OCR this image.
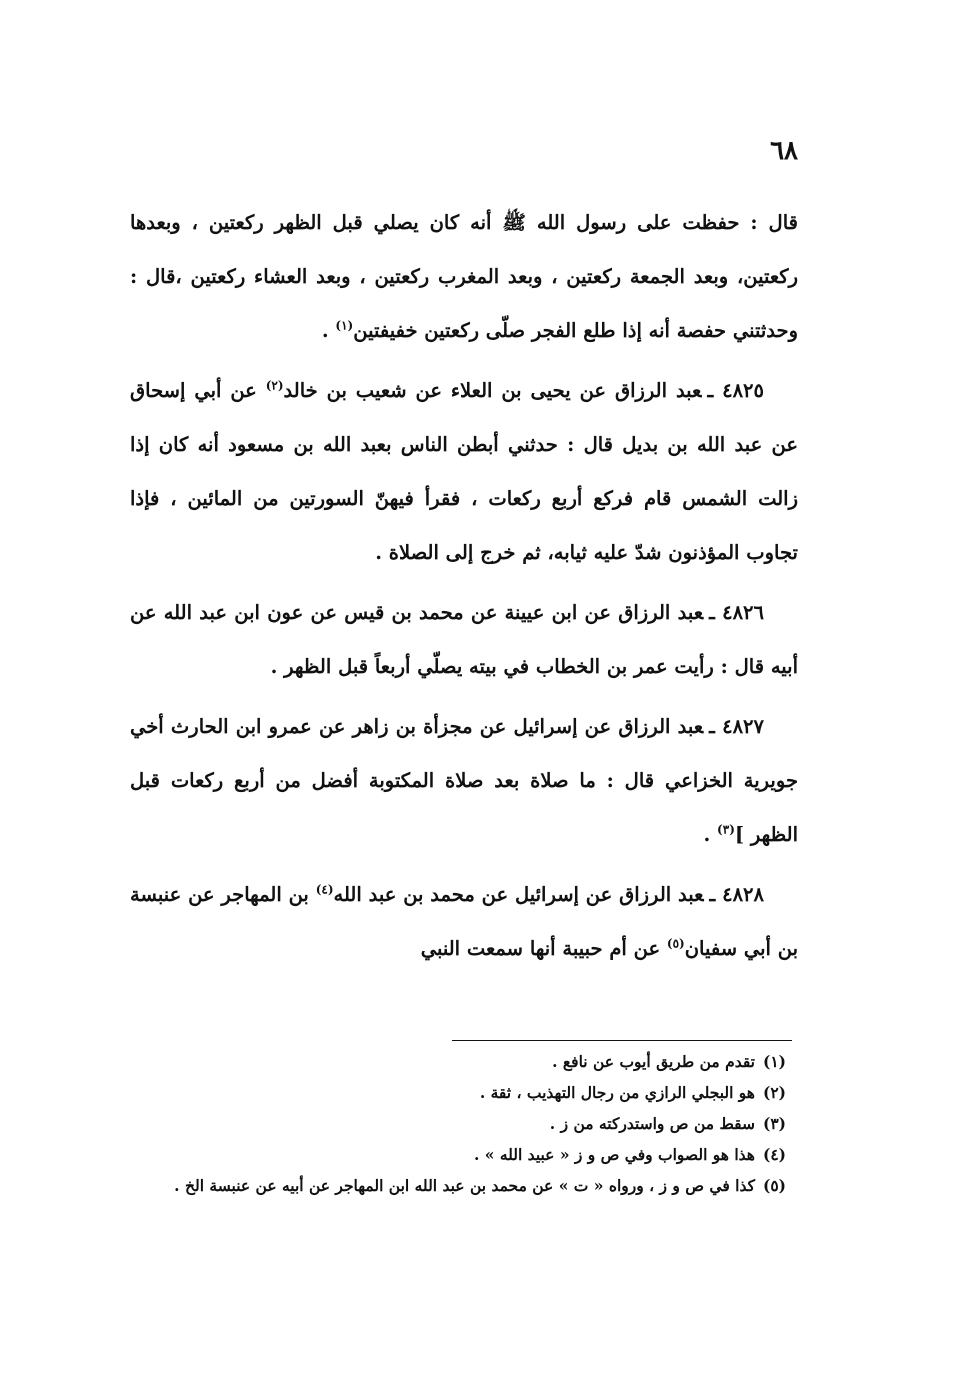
٦٨

قال : حفظت على رسول الله ﷺ أنه كان يصلي قبل الظهر ركعتين ، وبعدها ركعتين، وبعد الجمعة ركعتين ، وبعد المغرب ركعتين ، وبعد العشاء ركعتين ،قال : وحدثتني حفصة أنه إذا طلع الفجر صلّى ركعتين خفيفتين$^{(١)}$ .

٤٨٢٥ ـعبد الرزاق عن يحيى بن العلاء عن شعيب بن خالد$^{(٢)}$ عن أبي إسحاق عن عبد الله بن بديل قال : حدثني أبطن الناس بعبد الله بن مسعود أنه كان إذا زالت الشمس قام فركع أربع ركعات ، فقرأ فيهنّ السورتين من المائين ، فإذا تجاوب المؤذنون شدّ عليه ثيابه، ثم خرج إلى الصلاة .

٤٨٢٦ ـعبد الرزاق عن ابن عيينة عن محمد بن قيس عن عون ابن عبد الله عن أبيه قال : رأيت عمر بن الخطاب في بيته يصلّي أربعاً قبل الظهر .

٤٨٢٧ ـعبد الرزاق عن إسرائيل عن مجزأة بن زاهر عن عمرو ابن الحارث أخي جويرية الخزاعي قال : ما صلاة بعد صلاة المكتوبة أفضل من أربع ركعات قبل الظهر ]$^{(٣)}$ .

٤٨٢٨ ـعبد الرزاق عن إسرائيل عن محمد بن عبد الله$^{(٤)}$ بن المهاجر عن عنبسة بن أبي سفيان$^{(٥)}$ عن أم حبيبة أنها سمعت النبي

(١)تقدم من طريق أيوب عن نافع .

(٢)هو البجلي الرازي من رجال التهذيب ، ثقة .

(٣)سقط من ص واستدركته من ز .

(٤)هذا هو الصواب وفي ص و ز « عبيد الله » .

(٥)كذا في ص و ز ، ورواه « ت » عن محمد بن عبد الله ابن المهاجر عن أبيه عن عنبسة الخ .
